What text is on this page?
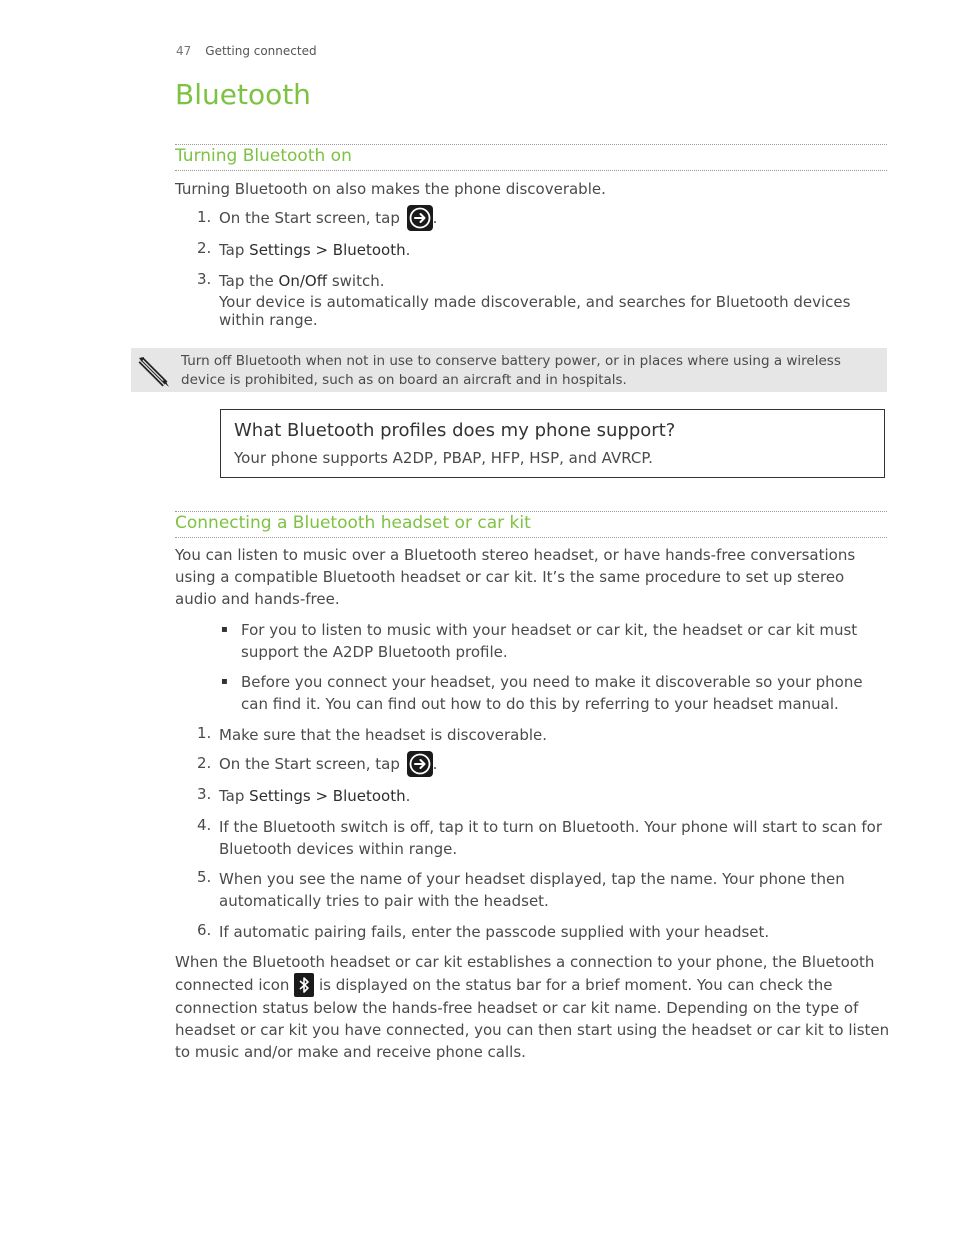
47 Getting connected
Bluetooth
Turning Bluetooth on
Turning Bluetooth on also makes the phone discoverable.
1. On the Start screen, tap
.
2. Tap Settings > Bluetooth.
3. Tap the On/Off switch.
Your device is automatically made discoverable, and searches for Bluetooth devices within range.
Turn off Bluetooth when not in use to conserve battery power, or in places where using a wireless device is prohibited, such as on board an aircraft and in hospitals.
What Bluetooth profiles does my phone support?
Your phone supports A2DP, PBAP, HFP, HSP, and AVRCP.
Connecting a Bluetooth headset or car kit
You can listen to music over a Bluetooth stereo headset, or have hands-free conversations using a compatible Bluetooth headset or car kit. It’s the same procedure to set up stereo audio and hands-free.
▪ For you to listen to music with your headset or car kit, the headset or car kit must support the A2DP Bluetooth profile.
▪ Before you connect your headset, you need to make it discoverable so your phone can find it. You can find out how to do this by referring to your headset manual.
1. Make sure that the headset is discoverable.
2. On the Start screen, tap
.
3. Tap Settings > Bluetooth.
4. If the Bluetooth switch is off, tap it to turn on Bluetooth. Your phone will start to scan for Bluetooth devices within range.
5. When you see the name of your headset displayed, tap the name. Your phone then automatically tries to pair with the headset.
6. If automatic pairing fails, enter the passcode supplied with your headset.
When the Bluetooth headset or car kit establishes a connection to your phone, the Bluetooth connected icon
is displayed on the status bar for a brief moment. You can check the connection status below the hands-free headset or car kit name. Depending on the type of headset or car kit you have connected, you can then start using the headset or car kit to listen to music and/or make and receive phone calls.
